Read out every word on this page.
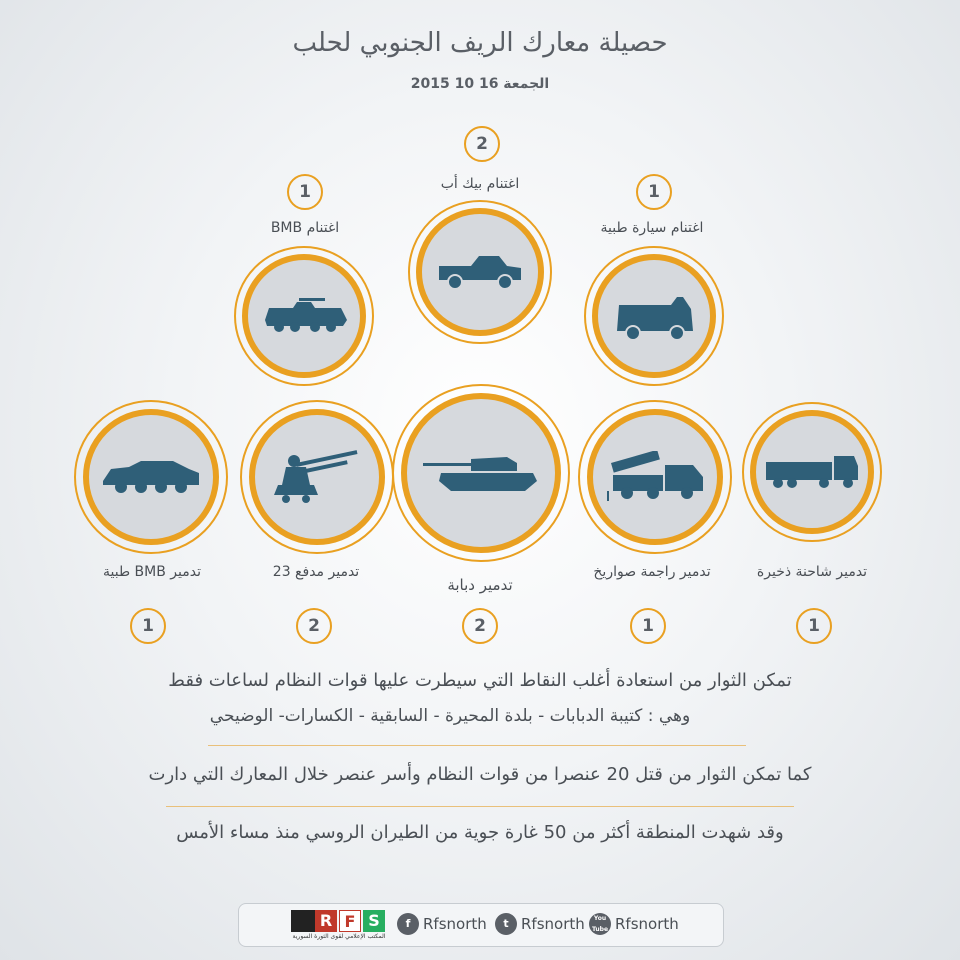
حصيلة معارك الريف الجنوبي لحلب
الجمعة 16 10 2015
2
اغتنام بيك أب
1
اغتنام BMB
1
اغتنام سيارة طبية
تدمير BMB طبية
1
تدمير مدفع 23
2
تدمير دبابة
2
تدمير راجمة صواريخ
1
تدمير شاحنة ذخيرة
1
تمكن الثوار من استعادة أغلب النقاط التي سيطرت عليها قوات النظام لساعات فقط
وهي : كتيبة الدبابات - بلدة المحيرة - السابقية - الكسارات- الوضيحي
كما تمكن الثوار من قتل 20 عنصرا من قوات النظام وأسر عنصر خلال المعارك التي دارت
وقد شهدت المنطقة أكثر من 50 غارة جوية من الطيران الروسي منذ مساء الأمس
R F S
المكتب الإعلامي لقوى الثورة السورية
f Rfsnorth	t Rfsnorth	You Tube Rfsnorth
